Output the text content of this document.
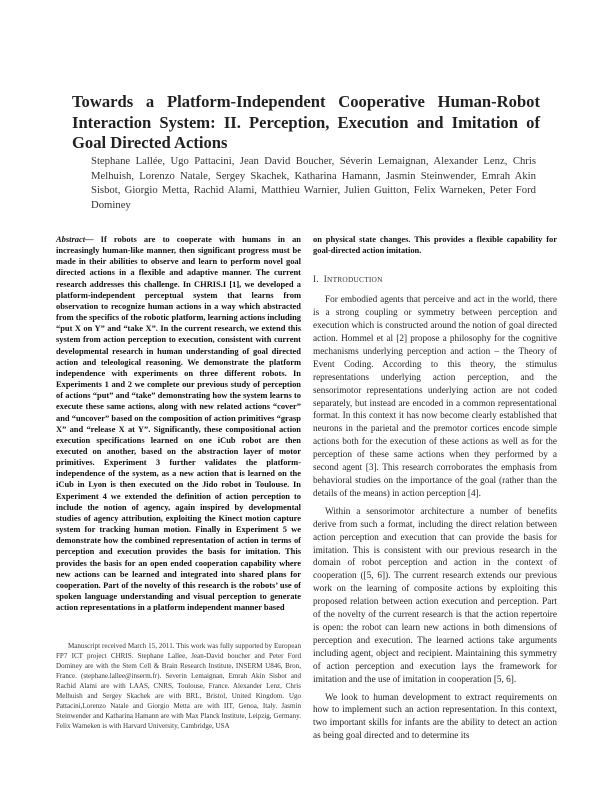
Towards a Platform-Independent Cooperative Human-Robot Interaction System: II. Perception, Execution and Imitation of Goal Directed Actions

Stephane Lallée, Ugo Pattacini, Jean David Boucher, Séverin Lemaignan, Alexander Lenz, Chris Melhuish, Lorenzo Natale, Sergey Skachek, Katharina Hamann, Jasmin Steinwender, Emrah Akin Sisbot, Giorgio Metta, Rachid Alami, Matthieu Warnier, Julien Guitton, Felix Warneken, Peter Ford Dominey

Abstract— If robots are to cooperate with humans in an increasingly human-like manner, then significant progress must be made in their abilities to observe and learn to perform novel goal directed actions in a flexible and adaptive manner. The current research addresses this challenge. In CHRIS.I [1], we developed a platform-independent perceptual system that learns from observation to recognize human actions in a way which abstracted from the specifics of the robotic platform, learning actions including “put X on Y” and “take X”. In the current research, we extend this system from action perception to execution, consistent with current developmental research in human understanding of goal directed action and teleological reasoning. We demonstrate the platform independence with experiments on three different robots. In Experiments 1 and 2 we complete our previous study of perception of actions “put” and “take” demonstrating how the system learns to execute these same actions, along with new related actions “cover” and “uncover” based on the composition of action primitives “grasp X” and “release X at Y”. Significantly, these compositional action execution specifications learned on one iCub robot are then executed on another, based on the abstraction layer of motor primitives. Experiment 3 further validates the platform-independence of the system, as a new action that is learned on the iCub in Lyon is then executed on the Jido robot in Toulouse. In Experiment 4 we extended the definition of action perception to include the notion of agency, again inspired by developmental studies of agency attribution, exploiting the Kinect motion capture system for tracking human motion. Finally in Experiment 5 we demonstrate how the combined representation of action in terms of perception and execution provides the basis for imitation. This provides the basis for an open ended cooperation capability where new actions can be learned and integrated into shared plans for cooperation. Part of the novelty of this research is the robots’ use of spoken language understanding and visual perception to generate action representations in a platform independent manner based

Manuscript received March 15, 2011. This work was fully supported by European FP7 ICT project CHRIS. Stephane Lallee, Jean-David boucher and Peter Ford Dominey are with the Stem Cell & Brain Research Institute, INSERM U846, Bron, France. (stephane.lallee@inserm.fr). Severin Lemaignan, Emrah Akin Sisbot and Rachid Alami are with LAAS, CNRS, Toulouse, France. Alexander Lenz, Chris Melhuish and Sergey Skachek are with BRL, Bristol, United Kingdom. Ugo Pattacini,Lorenzo Natale and Giorgio Metta are with IIT, Genoa, Italy. Jasmin Steinwender and Katharina Hamann are with Max Planck Institute, Leipzig, Germany. Felix Warneken is with Harvard University, Cambridge, USA

on physical state changes. This provides a flexible capability for goal-directed action imitation.

I. INTRODUCTION

For embodied agents that perceive and act in the world, there is a strong coupling or symmetry between perception and execution which is constructed around the notion of goal directed action. Hommel et al [2] propose a philosophy for the cognitive mechanisms underlying perception and action – the Theory of Event Coding. According to this theory, the stimulus representations underlying action perception, and the sensorimotor representations underlying action are not coded separately, but instead are encoded in a common representational format. In this context it has now become clearly established that neurons in the parietal and the premotor cortices encode simple actions both for the execution of these actions as well as for the perception of these same actions when they performed by a second agent [3]. This research corroborates the emphasis from behavioral studies on the importance of the goal (rather than the details of the means) in action perception [4].

Within a sensorimotor architecture a number of benefits derive from such a format, including the direct relation between action perception and execution that can provide the basis for imitation. This is consistent with our previous research in the domain of robot perception and action in the context of cooperation ([5, 6]). The current research extends our previous work on the learning of composite actions by exploiting this proposed relation between action execution and perception. Part of the novelty of the current research is that the action repertoire is open: the robot can learn new actions in both dimensions of perception and execution. The learned actions take arguments including agent, object and recipient. Maintaining this symmetry of action perception and execution lays the framework for imitation and the use of imitation in cooperation [5, 6].

We look to human development to extract requirements on how to implement such an action representation. In this context, two important skills for infants are the ability to detect an action as being goal directed and to determine its
